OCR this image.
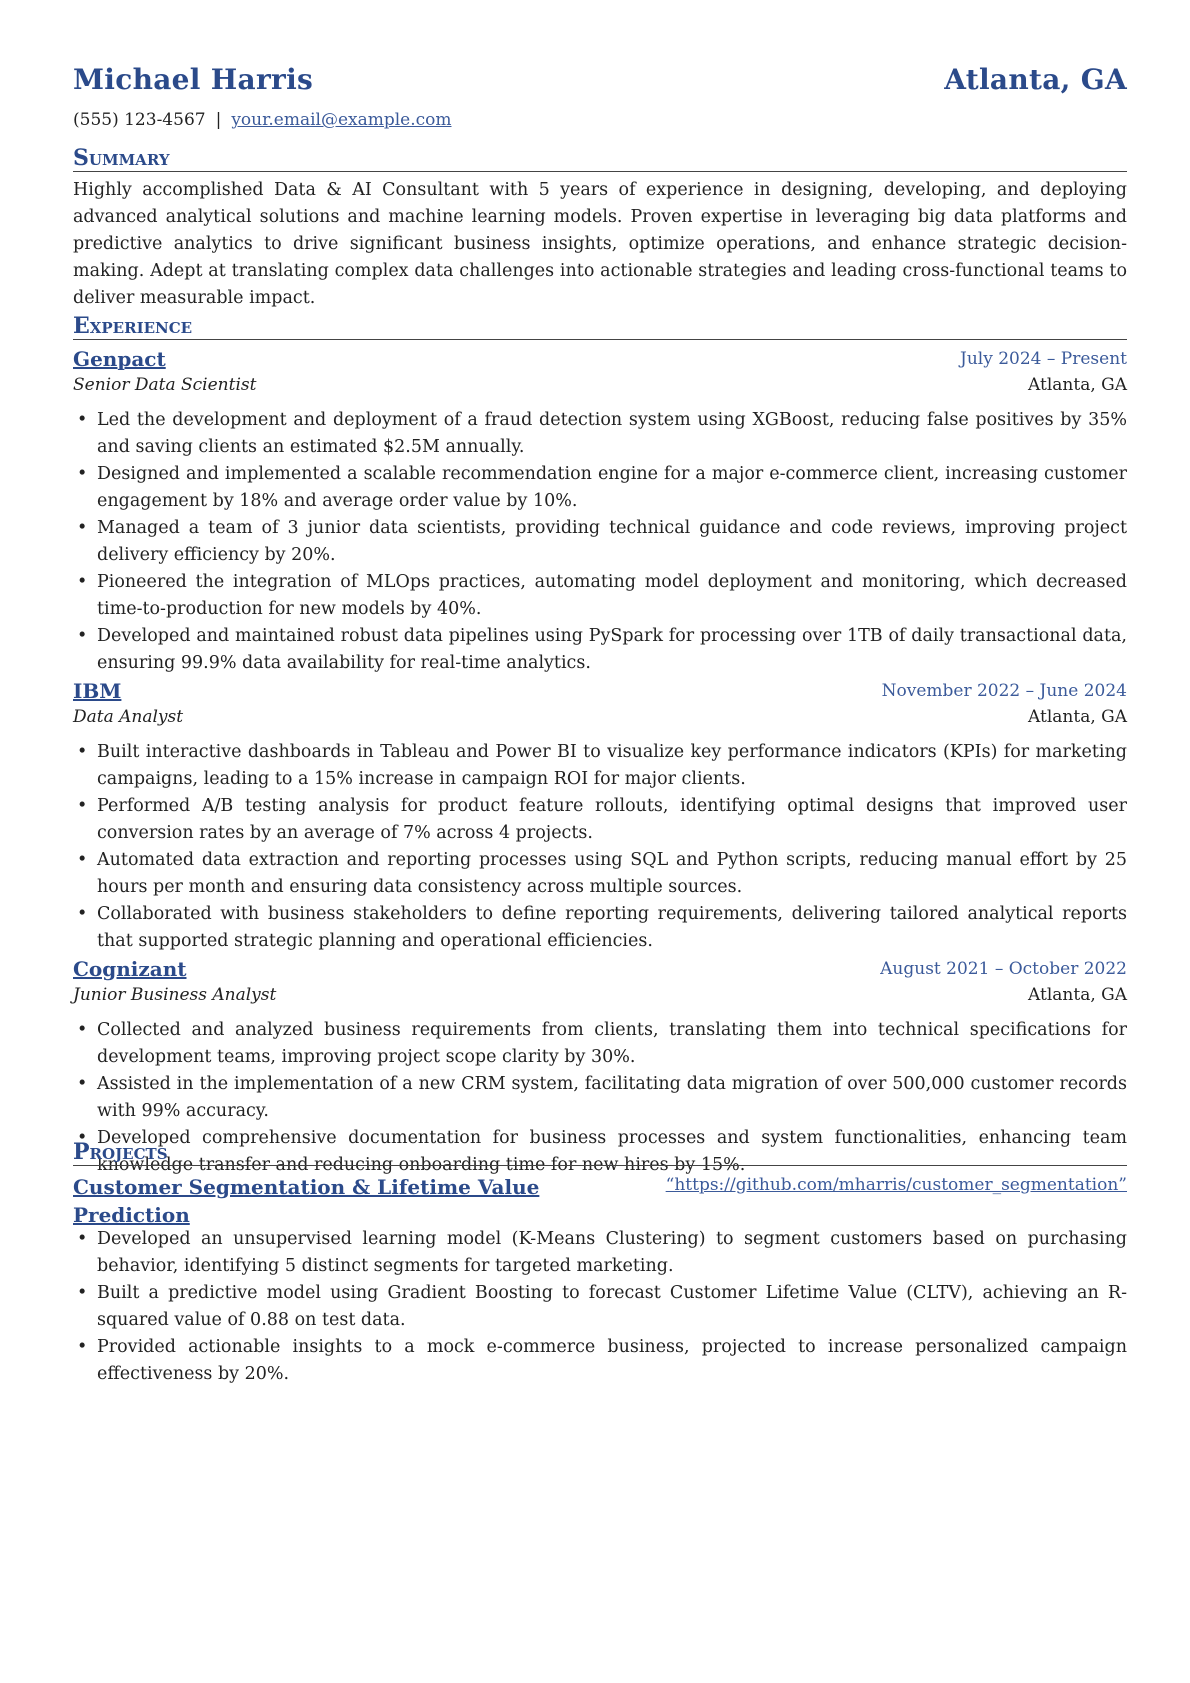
Michael Harris	Atlanta, GA
(555) 123-4567 | your.email@example.com
Summary
Highly accomplished Data & AI Consultant with 5 years of experience in designing, developing, and deploying advanced analytical solutions and machine learning models. Proven expertise in leveraging big data platforms and predictive analytics to drive significant business insights, optimize operations, and enhance strategic decision-making. Adept at translating complex data challenges into actionable strategies and leading cross-functional teams to deliver measurable impact.
Experience
Genpact	July 2024 – Present
Senior Data Scientist	Atlanta, GA
• Led the development and deployment of a fraud detection system using XGBoost, reducing false positives by 35% and saving clients an estimated $2.5M annually.
• Designed and implemented a scalable recommendation engine for a major e-commerce client, increasing customer engagement by 18% and average order value by 10%.
• Managed a team of 3 junior data scientists, providing technical guidance and code reviews, improving project delivery efficiency by 20%.
• Pioneered the integration of MLOps practices, automating model deployment and monitoring, which decreased time-to-production for new models by 40%.
• Developed and maintained robust data pipelines using PySpark for processing over 1TB of daily transactional data, ensuring 99.9% data availability for real-time analytics.
IBM	November 2022 – June 2024
Data Analyst	Atlanta, GA
• Built interactive dashboards in Tableau and Power BI to visualize key performance indicators (KPIs) for marketing campaigns, leading to a 15% increase in campaign ROI for major clients.
• Performed A/B testing analysis for product feature rollouts, identifying optimal designs that improved user conversion rates by an average of 7% across 4 projects.
• Automated data extraction and reporting processes using SQL and Python scripts, reducing manual effort by 25 hours per month and ensuring data consistency across multiple sources.
• Collaborated with business stakeholders to define reporting requirements, delivering tailored analytical reports that supported strategic planning and operational efficiencies.
Cognizant	August 2021 – October 2022
Junior Business Analyst	Atlanta, GA
• Collected and analyzed business requirements from clients, translating them into technical specifications for development teams, improving project scope clarity by 30%.
• Assisted in the implementation of a new CRM system, facilitating data migration of over 500,000 customer records with 99% accuracy.
• Developed comprehensive documentation for business processes and system functionalities, enhancing team knowledge transfer and reducing onboarding time for new hires by 15%.
Projects
Customer Segmentation & Lifetime Value Prediction
“https://github.com/mharris/customer_segmentation”
• Developed an unsupervised learning model (K-Means Clustering) to segment customers based on purchasing behavior, identifying 5 distinct segments for targeted marketing.
• Built a predictive model using Gradient Boosting to forecast Customer Lifetime Value (CLTV), achieving an R-squared value of 0.88 on test data.
• Provided actionable insights to a mock e-commerce business, projected to increase personalized campaign effectiveness by 20%.
